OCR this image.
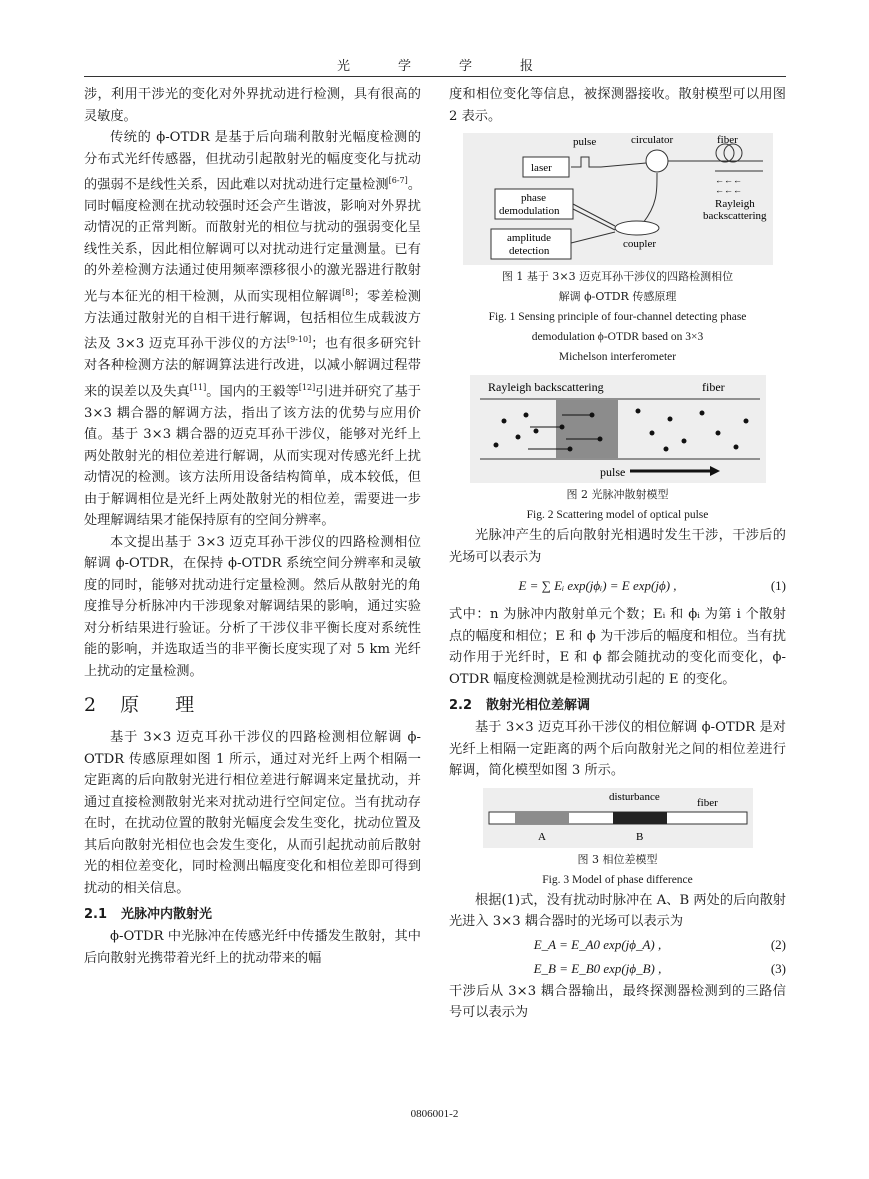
光学学报

涉，利用干涉光的变化对外界扰动进行检测，具有很高的灵敏度。

传统的 ϕ-OTDR 是基于后向瑞利散射光幅度检测的分布式光纤传感器，但扰动引起散射光的幅度变化与扰动的强弱不是线性关系，因此难以对扰动进行定量检测[6-7]。同时幅度检测在扰动较强时还会产生谐波，影响对外界扰动情况的正常判断。而散射光的相位与扰动的强弱变化呈线性关系，因此相位解调可以对扰动进行定量测量。已有的外差检测方法通过使用频率漂移很小的激光器进行散射光与本征光的相干检测，从而实现相位解调[8]；零差检测方法通过散射光的自相干进行解调，包括相位生成载波方法及 3×3 迈克耳孙干涉仪的方法[9-10]；也有很多研究针对各种检测方法的解调算法进行改进，以减小解调过程带来的误差以及失真[11]。国内的王毅等[12]引进并研究了基于 3×3 耦合器的解调方法，指出了该方法的优势与应用价值。基于 3×3 耦合器的迈克耳孙干涉仪，能够对光纤上两处散射光的相位差进行解调，从而实现对传感光纤上扰动情况的检测。该方法所用设备结构简单，成本较低，但由于解调相位是光纤上两处散射光的相位差，需要进一步处理解调结果才能保持原有的空间分辨率。

本文提出基于 3×3 迈克耳孙干涉仪的四路检测相位解调 ϕ-OTDR，在保持 ϕ-OTDR 系统空间分辨率和灵敏度的同时，能够对扰动进行定量检测。然后从散射光的角度推导分析脉冲内干涉现象对解调结果的影响，通过实验对分析结果进行验证。分析了干涉仪非平衡长度对系统性能的影响，并选取适当的非平衡长度实现了对 5 km 光纤上扰动的定量检测。

2 原理

基于 3×3 迈克耳孙干涉仪的四路检测相位解调 ϕ-OTDR 传感原理如图 1 所示，通过对光纤上两个相隔一定距离的后向散射光进行相位差进行解调来定量扰动，并通过直接检测散射光来对扰动进行空间定位。当有扰动存在时，在扰动位置的散射光幅度会发生变化，扰动位置及其后向散射光相位也会发生变化，从而引起扰动前后散射光的相位差变化，同时检测出幅度变化和相位差即可得到扰动的相关信息。

2.1 光脉冲内散射光

ϕ-OTDR 中光脉冲在传感光纤中传播发生散射，其中后向散射光携带着光纤上的扰动带来的幅

度和相位变化等信息，被探测器接收。散射模型可以用图 2 表示。

pulse	circulator	fiber
laser
←←←
←←←
Rayleigh
backscattering
coupler
phase
demodulation
amplitude
detection

图 1 基于 3×3 迈克耳孙干涉仪的四路检测相位

解调 ϕ-OTDR 传感原理

Fig. 1 Sensing principle of four-channel detecting phase

demodulation ϕ-OTDR based on 3×3

Michelson interferometer

Rayleigh backscattering	fiber
pulse

图 2 光脉冲散射模型

Fig. 2 Scattering model of optical pulse

光脉冲产生的后向散射光相遇时发生干涉，干涉后的光场可以表示为

E = ∑ Eᵢ exp(jϕᵢ) = E exp(jϕ) ,	(1)

式中：n 为脉冲内散射单元个数；Eᵢ 和 ϕᵢ 为第 i 个散射点的幅度和相位；E 和 ϕ 为干涉后的幅度和相位。当有扰动作用于光纤时，E 和 ϕ 都会随扰动的变化而变化，ϕ-OTDR 幅度检测就是检测扰动引起的 E 的变化。

2.2 散射光相位差解调

基于 3×3 迈克耳孙干涉仪的相位解调 ϕ-OTDR 是对光纤上相隔一定距离的两个后向散射光之间的相位差进行解调，简化模型如图 3 所示。

disturbance	fiber
A	B

图 3 相位差模型

Fig. 3 Model of phase difference

根据(1)式，没有扰动时脉冲在 A、B 两处的后向散射光进入 3×3 耦合器时的光场可以表示为

E_A = E_A0 exp(jϕ_A) ,	(2)
E_B = E_B0 exp(jϕ_B) ,	(3)

干涉后从 3×3 耦合器输出，最终探测器检测到的三路信号可以表示为

0806001-2
